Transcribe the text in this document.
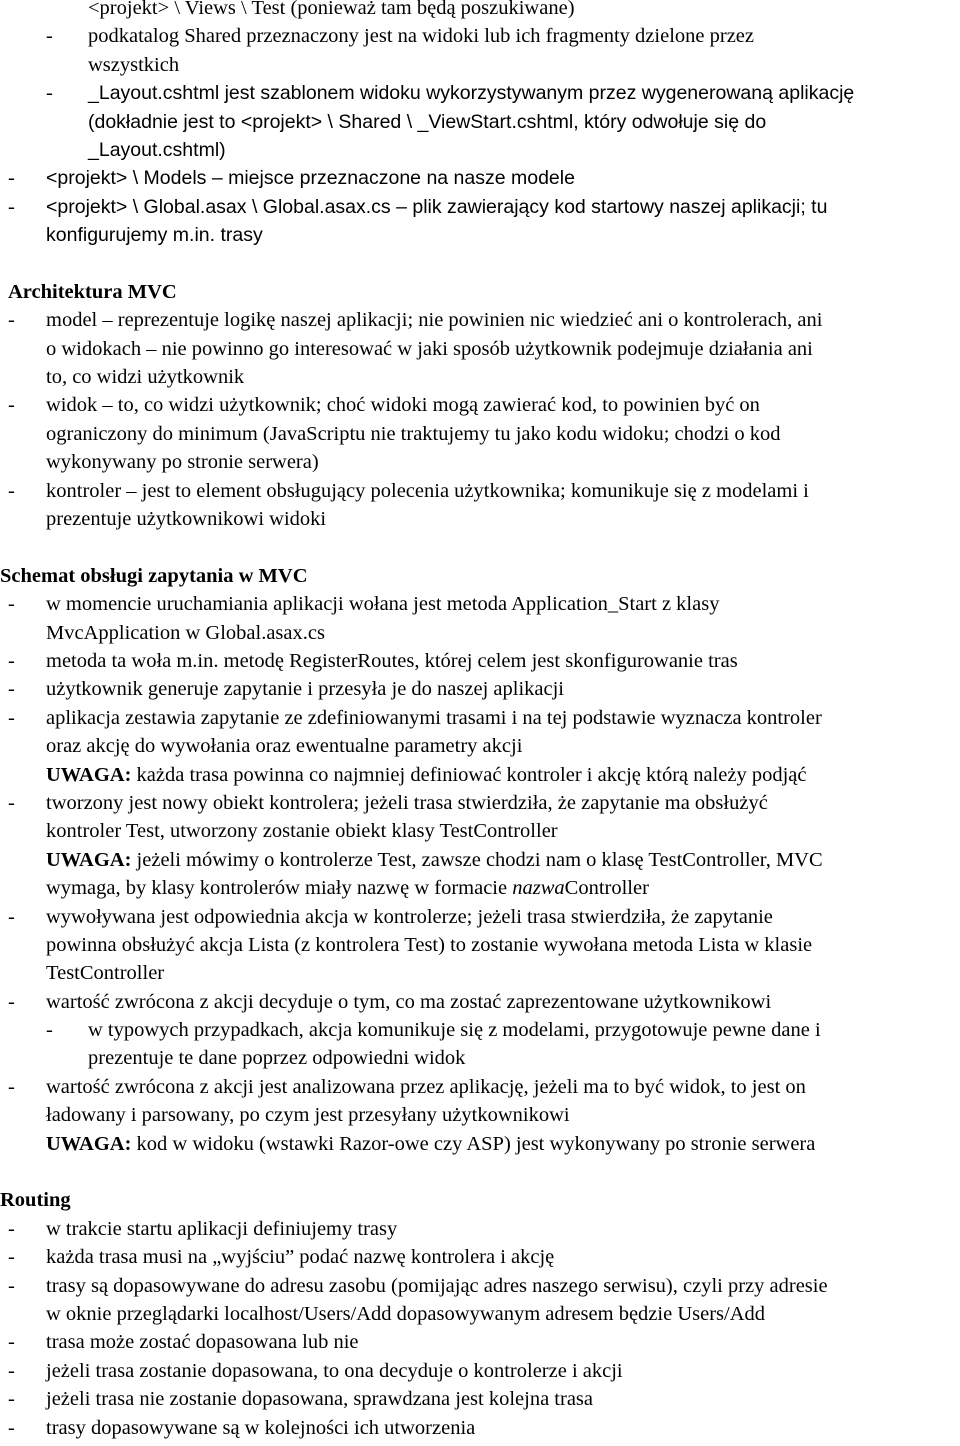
<projekt> \ Views \ Test (ponieważ tam będą poszukiwane)
- podkatalog Shared przeznaczony jest na widoki lub ich fragmenty dzielone przez
wszystkich
- _Layout.cshtml jest szablonem widoku wykorzystywanym przez wygenerowaną aplikację
(dokładnie jest to <projekt> \ Shared \ _ViewStart.cshtml, który odwołuje się do
_Layout.cshtml)
- <projekt> \ Models – miejsce przeznaczone na nasze modele
- <projekt> \ Global.asax \ Global.asax.cs – plik zawierający kod startowy naszej aplikacji; tu
konfigurujemy m.in. trasy
Architektura MVC
- model – reprezentuje logikę naszej aplikacji; nie powinien nic wiedzieć ani o kontrolerach, ani
o widokach – nie powinno go interesować w jaki sposób użytkownik podejmuje działania ani
to, co widzi użytkownik
- widok – to, co widzi użytkownik; choć widoki mogą zawierać kod, to powinien być on
ograniczony do minimum (JavaScriptu nie traktujemy tu jako kodu widoku; chodzi o kod
wykonywany po stronie serwera)
- kontroler – jest to element obsługujący polecenia użytkownika; komunikuje się z modelami i
prezentuje użytkownikowi widoki
Schemat obsługi zapytania w MVC
- w momencie uruchamiania aplikacji wołana jest metoda Application_Start z klasy
MvcApplication w Global.asax.cs
- metoda ta woła m.in. metodę RegisterRoutes, której celem jest skonfigurowanie tras
- użytkownik generuje zapytanie i przesyła je do naszej aplikacji
- aplikacja zestawia zapytanie ze zdefiniowanymi trasami i na tej podstawie wyznacza kontroler
oraz akcję do wywołania oraz ewentualne parametry akcji
UWAGA: każda trasa powinna co najmniej definiować kontroler i akcję którą należy podjąć
- tworzony jest nowy obiekt kontrolera; jeżeli trasa stwierdziła, że zapytanie ma obsłużyć
kontroler Test, utworzony zostanie obiekt klasy TestController
UWAGA: jeżeli mówimy o kontrolerze Test, zawsze chodzi nam o klasę TestController, MVC
wymaga, by klasy kontrolerów miały nazwę w formacie nazwaController
- wywoływana jest odpowiednia akcja w kontrolerze; jeżeli trasa stwierdziła, że zapytanie
powinna obsłużyć akcja Lista (z kontrolera Test) to zostanie wywołana metoda Lista w klasie
TestController
- wartość zwrócona z akcji decyduje o tym, co ma zostać zaprezentowane użytkownikowi
- w typowych przypadkach, akcja komunikuje się z modelami, przygotowuje pewne dane i
prezentuje te dane poprzez odpowiedni widok
- wartość zwrócona z akcji jest analizowana przez aplikację, jeżeli ma to być widok, to jest on
ładowany i parsowany, po czym jest przesyłany użytkownikowi
UWAGA: kod w widoku (wstawki Razor-owe czy ASP) jest wykonywany po stronie serwera
Routing
- w trakcie startu aplikacji definiujemy trasy
- każda trasa musi na „wyjściu” podać nazwę kontrolera i akcję
- trasy są dopasowywane do adresu zasobu (pomijając adres naszego serwisu), czyli przy adresie
w oknie przeglądarki localhost/Users/Add dopasowywanym adresem będzie Users/Add
- trasa może zostać dopasowana lub nie
- jeżeli trasa zostanie dopasowana, to ona decyduje o kontrolerze i akcji
- jeżeli trasa nie zostanie dopasowana, sprawdzana jest kolejna trasa
- trasy dopasowywane są w kolejności ich utworzenia
